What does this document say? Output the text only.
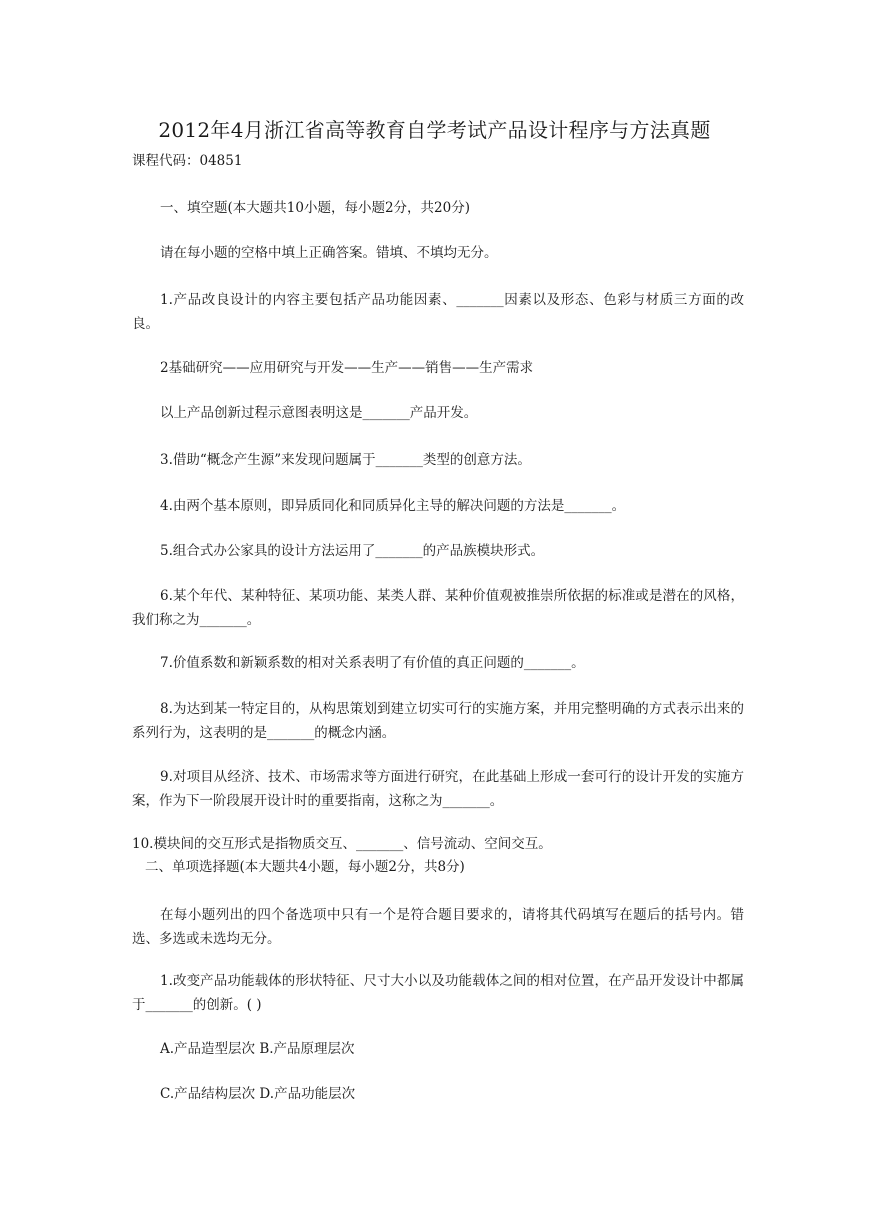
2012年4月浙江省高等教育自学考试产品设计程序与方法真题
课程代码：04851
一、填空题(本大题共10小题，每小题2分，共20分)
请在每小题的空格中填上正确答案。错填、不填均无分。
1.产品改良设计的内容主要包括产品功能因素、_______因素以及形态、色彩与材质三方面的改良。
2基础研究——应用研究与开发——生产——销售——生产需求
以上产品创新过程示意图表明这是_______产品开发。
3.借助“概念产生源”来发现问题属于_______类型的创意方法。
4.由两个基本原则，即异质同化和同质异化主导的解决问题的方法是_______。
5.组合式办公家具的设计方法运用了_______的产品族模块形式。
6.某个年代、某种特征、某项功能、某类人群、某种价值观被推崇所依据的标准或是潜在的风格，我们称之为_______。
7.价值系数和新颖系数的相对关系表明了有价值的真正问题的_______。
8.为达到某一特定目的，从构思策划到建立切实可行的实施方案，并用完整明确的方式表示出来的系列行为，这表明的是_______的概念内涵。
9.对项目从经济、技术、市场需求等方面进行研究，在此基础上形成一套可行的设计开发的实施方案，作为下一阶段展开设计时的重要指南，这称之为_______。
10.模块间的交互形式是指物质交互、_______、信号流动、空间交互。
二、单项选择题(本大题共4小题，每小题2分，共8分)
在每小题列出的四个备选项中只有一个是符合题目要求的，请将其代码填写在题后的括号内。错选、多选或未选均无分。
1.改变产品功能载体的形状特征、尺寸大小以及功能载体之间的相对位置，在产品开发设计中都属于_______的创新。( )
A.产品造型层次 B.产品原理层次
C.产品结构层次 D.产品功能层次
